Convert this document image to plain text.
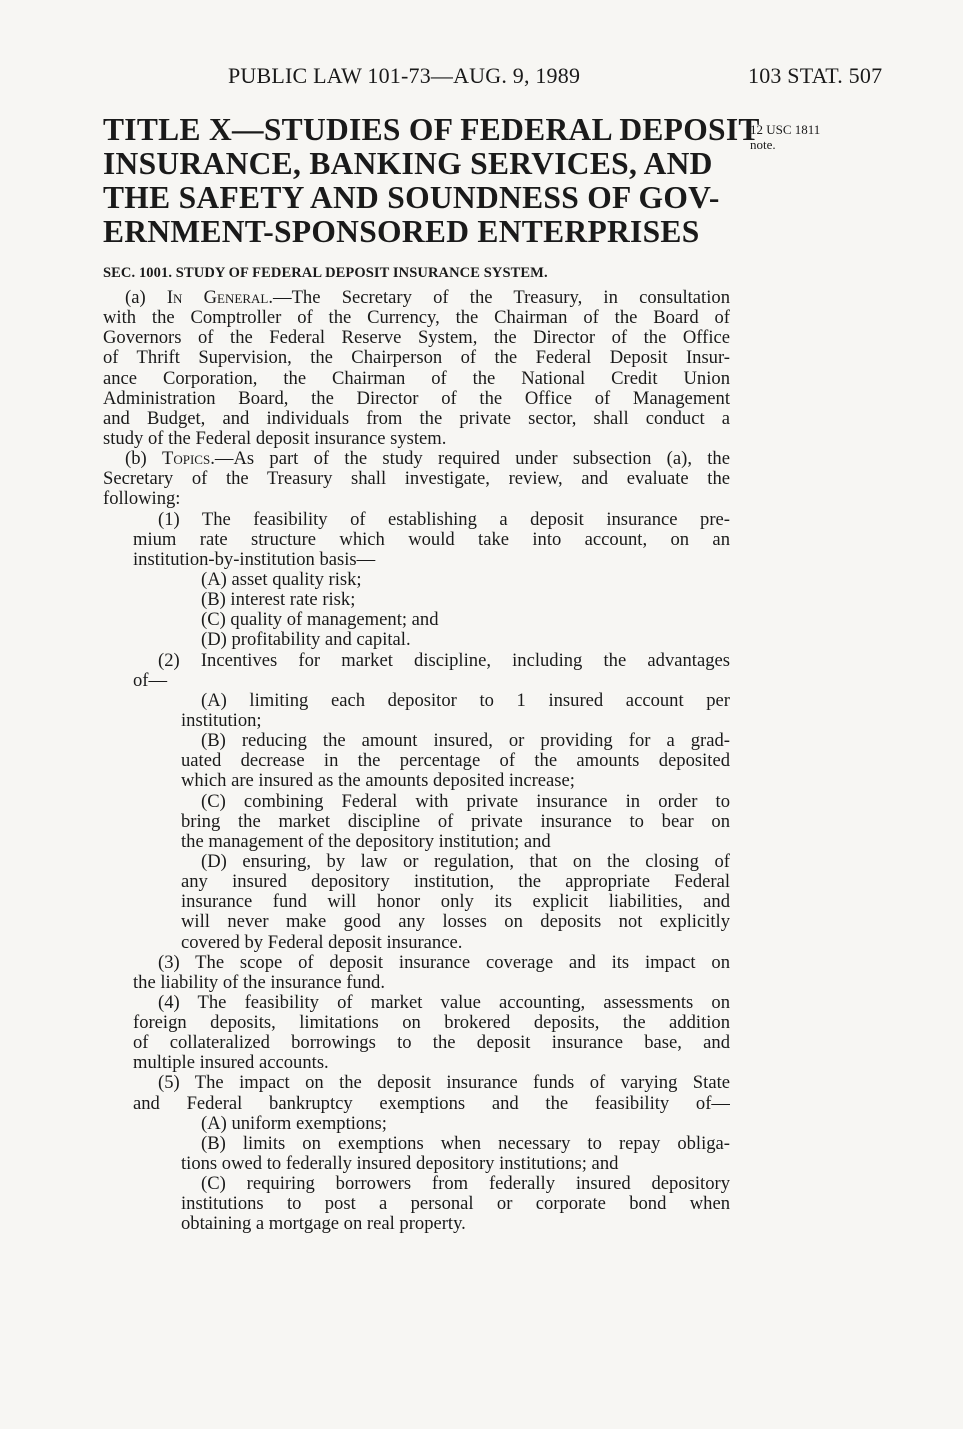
PUBLIC LAW 101-73—AUG. 9, 1989	103 STAT. 507
TITLE X—STUDIES OF FEDERAL DEPOSIT
INSURANCE, BANKING SERVICES, AND
THE SAFETY AND SOUNDNESS OF GOV-
ERNMENT-SPONSORED ENTERPRISES
12 USC 1811
note.
SEC. 1001. STUDY OF FEDERAL DEPOSIT INSURANCE SYSTEM.
(a) In General.—The Secretary of the Treasury, in consultation
with the Comptroller of the Currency, the Chairman of the Board of
Governors of the Federal Reserve System, the Director of the Office
of Thrift Supervision, the Chairperson of the Federal Deposit Insur-
ance Corporation, the Chairman of the National Credit Union
Administration Board, the Director of the Office of Management
and Budget, and individuals from the private sector, shall conduct a
study of the Federal deposit insurance system.
(b) Topics.—As part of the study required under subsection (a), the
Secretary of the Treasury shall investigate, review, and evaluate the
following:
(1) The feasibility of establishing a deposit insurance pre-
mium rate structure which would take into account, on an
institution-by-institution basis—
(A) asset quality risk;
(B) interest rate risk;
(C) quality of management; and
(D) profitability and capital.
(2) Incentives for market discipline, including the advantages
of—
(A) limiting each depositor to 1 insured account per
institution;
(B) reducing the amount insured, or providing for a grad-
uated decrease in the percentage of the amounts deposited
which are insured as the amounts deposited increase;
(C) combining Federal with private insurance in order to
bring the market discipline of private insurance to bear on
the management of the depository institution; and
(D) ensuring, by law or regulation, that on the closing of
any insured depository institution, the appropriate Federal
insurance fund will honor only its explicit liabilities, and
will never make good any losses on deposits not explicitly
covered by Federal deposit insurance.
(3) The scope of deposit insurance coverage and its impact on
the liability of the insurance fund.
(4) The feasibility of market value accounting, assessments on
foreign deposits, limitations on brokered deposits, the addition
of collateralized borrowings to the deposit insurance base, and
multiple insured accounts.
(5) The impact on the deposit insurance funds of varying State
and Federal bankruptcy exemptions and the feasibility of—
(A) uniform exemptions;
(B) limits on exemptions when necessary to repay obliga-
tions owed to federally insured depository institutions; and
(C) requiring borrowers from federally insured depository
institutions to post a personal or corporate bond when
obtaining a mortgage on real property.
